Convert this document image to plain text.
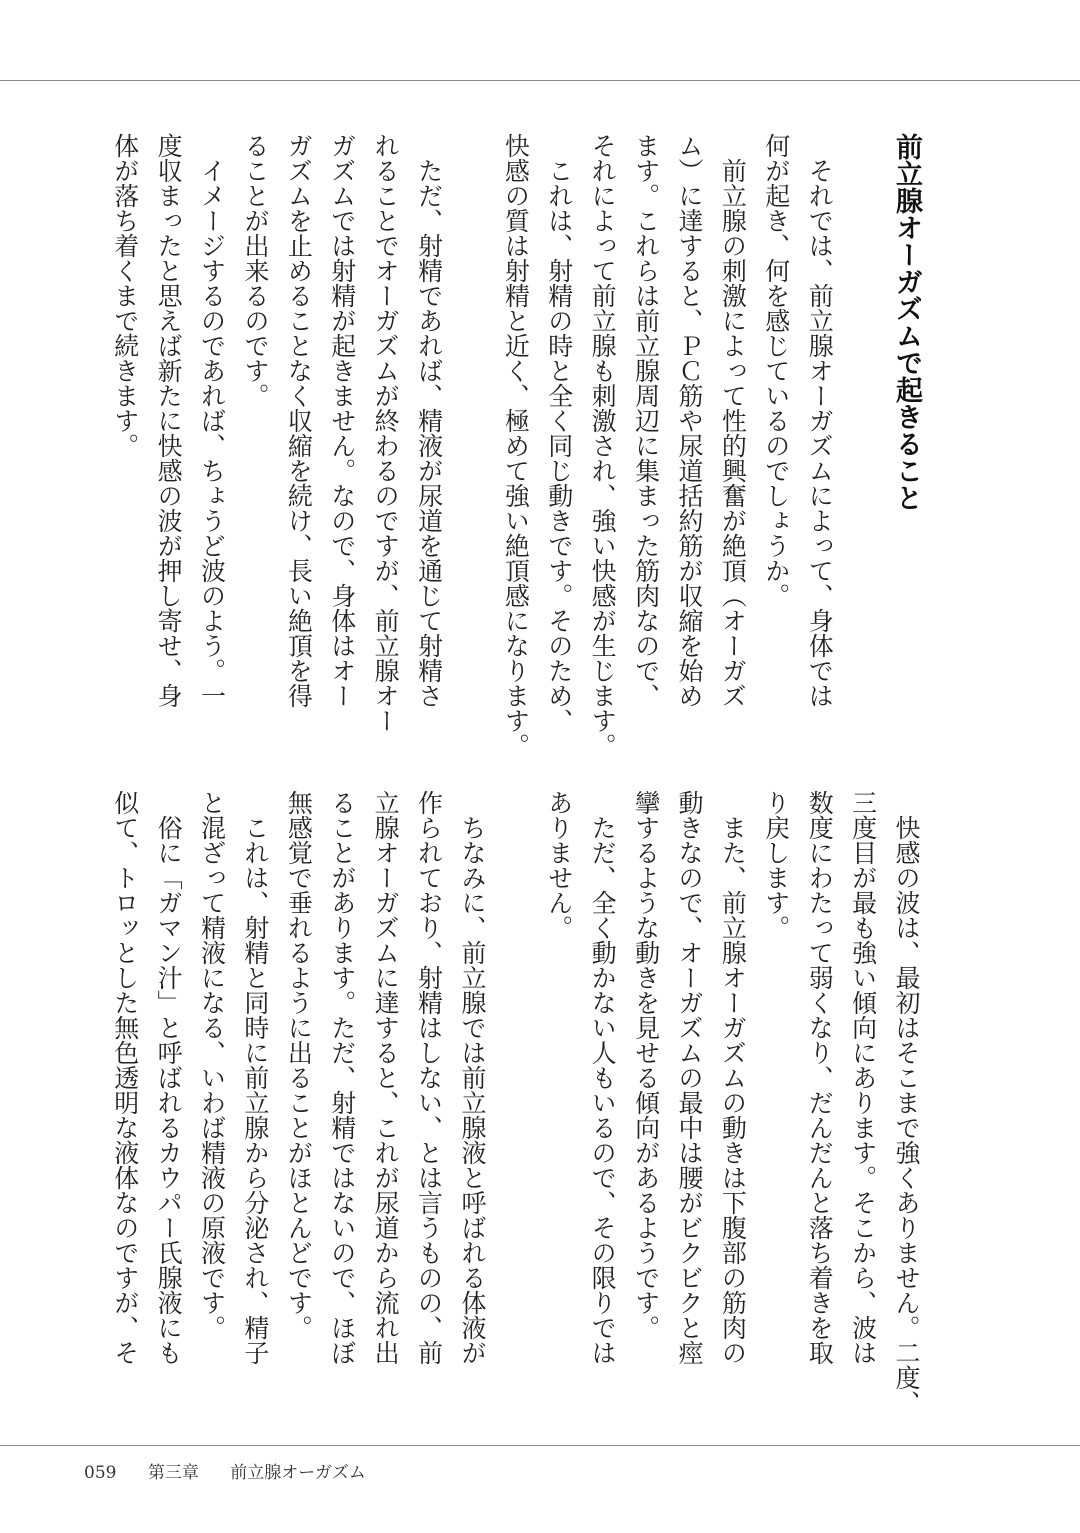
前立腺オーガズムで起きること
　それでは、前立腺オーガズムによって、身体では
何が起き、何を感じているのでしょうか。
　前立腺の刺激によって性的興奮が絶頂（オーガズ
ム）に達すると、ＰＣ筋や尿道括約筋が収縮を始め
ます。これらは前立腺周辺に集まった筋肉なので、
それによって前立腺も刺激され、強い快感が生じます。
　これは、射精の時と全く同じ動きです。そのため、
快感の質は射精と近く、極めて強い絶頂感になります。
　ただ、射精であれば、精液が尿道を通じて射精さ
れることでオーガズムが終わるのですが、前立腺オー
ガズムでは射精が起きません。なので、身体はオー
ガズムを止めることなく収縮を続け、長い絶頂を得
ることが出来るのです。
　イメージするのであれば、ちょうど波のよう。一
度収まったと思えば新たに快感の波が押し寄せ、身
体が落ち着くまで続きます。
　快感の波は、最初はそこまで強くありません。二度、
三度目が最も強い傾向にあります。そこから、波は
数度にわたって弱くなり、だんだんと落ち着きを取
り戻します。
　また、前立腺オーガズムの動きは下腹部の筋肉の
動きなので、オーガズムの最中は腰がビクビクと痙
攣するような動きを見せる傾向があるようです。
　ただ、全く動かない人もいるので、その限りでは
ありません。
　ちなみに、前立腺では前立腺液と呼ばれる体液が
作られており、射精はしない、とは言うものの、前
立腺オーガズムに達すると、これが尿道から流れ出
ることがあります。ただ、射精ではないので、ほぼ
無感覚で垂れるように出ることがほとんどです。
　これは、射精と同時に前立腺から分泌され、精子
と混ざって精液になる、いわば精液の原液です。
　俗に「ガマン汁」と呼ばれるカウパー氏腺液にも
似て、トロッとした無色透明な液体なのですが、そ
059 第三章 前立腺オーガズム
